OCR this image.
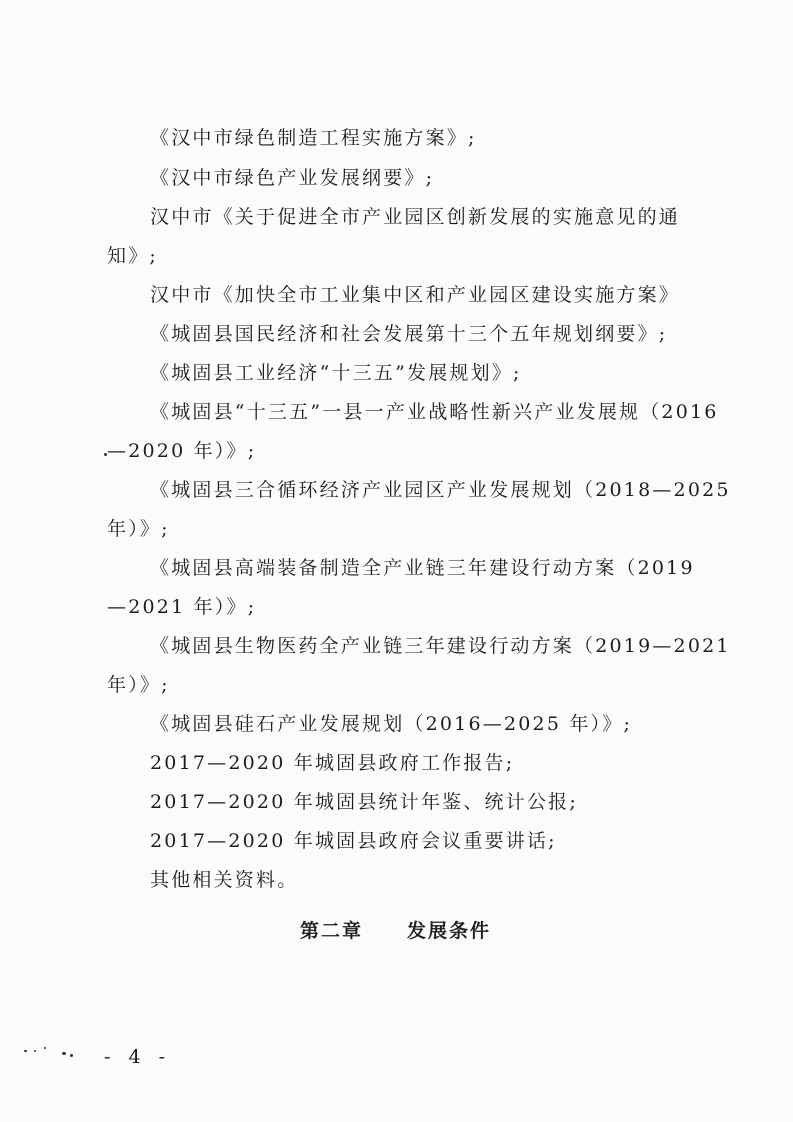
《汉中市绿色制造工程实施方案》;
《汉中市绿色产业发展纲要》;
汉中市《关于促进全市产业园区创新发展的实施意见的通
知》;
汉中市《加快全市工业集中区和产业园区建设实施方案》
《城固县国民经济和社会发展第十三个五年规划纲要》;
《城固县工业经济“十三五”发展规划》;
《城固县“十三五”一县一产业战略性新兴产业发展规（2016
—2020 年）》;
《城固县三合循环经济产业园区产业发展规划（2018—2025
年）》;
《城固县高端装备制造全产业链三年建设行动方案（2019
—2021 年）》;
《城固县生物医药全产业链三年建设行动方案（2019—2021
年）》;
《城固县硅石产业发展规划（2016—2025 年）》;
2017—2020 年城固县政府工作报告;
2017—2020 年城固县统计年鉴、统计公报;
2017—2020 年城固县政府会议重要讲话;
其他相关资料。
第二章 发展条件
- 4 -
